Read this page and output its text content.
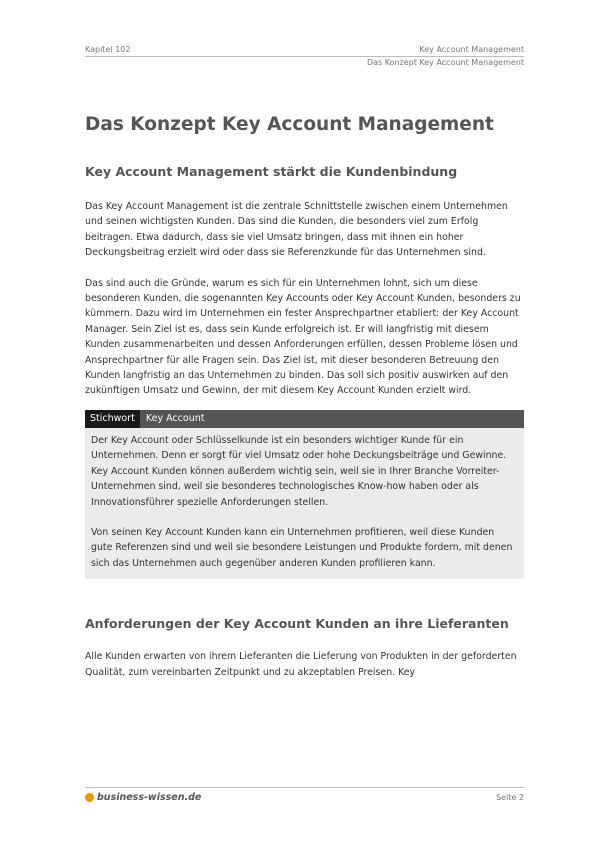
Kapitel 102	Key Account Management
Das Konzept Key Account Management
Das Konzept Key Account Management
Key Account Management stärkt die Kundenbindung

Das Key Account Management ist die zentrale Schnittstelle zwischen einem Unternehmen und seinen wichtigsten Kunden. Das sind die Kunden, die besonders viel zum Erfolg beitragen. Etwa dadurch, dass sie viel Umsatz bringen, dass mit ihnen ein hoher Deckungsbeitrag erzielt wird oder dass sie Referenzkunde für das Unternehmen sind.

Das sind auch die Gründe, warum es sich für ein Unternehmen lohnt, sich um diese besonderen Kunden, die sogenannten Key Accounts oder Key Account Kunden, besonders zu kümmern. Dazu wird im Unternehmen ein fester Ansprechpartner etabliert: der Key Account Manager. Sein Ziel ist es, dass sein Kunde erfolgreich ist. Er will langfristig mit diesem Kunden zusammenarbeiten und dessen Anforderungen erfüllen, dessen Probleme lösen und Ansprechpartner für alle Fragen sein. Das Ziel ist, mit dieser besonderen Betreuung den Kunden langfristig an das Unternehmen zu binden. Das soll sich positiv auswirken auf den zukünftigen Umsatz und Gewinn, der mit diesem Key Account Kunden erzielt wird.

Stichwort	Key Account

Der Key Account oder Schlüsselkunde ist ein besonders wichtiger Kunde für ein Unternehmen. Denn er sorgt für viel Umsatz oder hohe Deckungsbeiträge und Gewinne. Key Account Kunden können außerdem wichtig sein, weil sie in Ihrer Branche Vorreiter-Unternehmen sind, weil sie besonderes technologisches Know-how haben oder als Innovationsführer spezielle Anforderungen stellen.

Von seinen Key Account Kunden kann ein Unternehmen profitieren, weil diese Kunden gute Referenzen sind und weil sie besondere Leistungen und Produkte fordern, mit denen sich das Unternehmen auch gegenüber anderen Kunden profilieren kann.

Anforderungen der Key Account Kunden an ihre Lieferanten

Alle Kunden erwarten von ihrem Lieferanten die Lieferung von Produkten in der geforderten Qualität, zum vereinbarten Zeitpunkt und zu akzeptablen Preisen. Key

business-wissen.de	Seite 2
